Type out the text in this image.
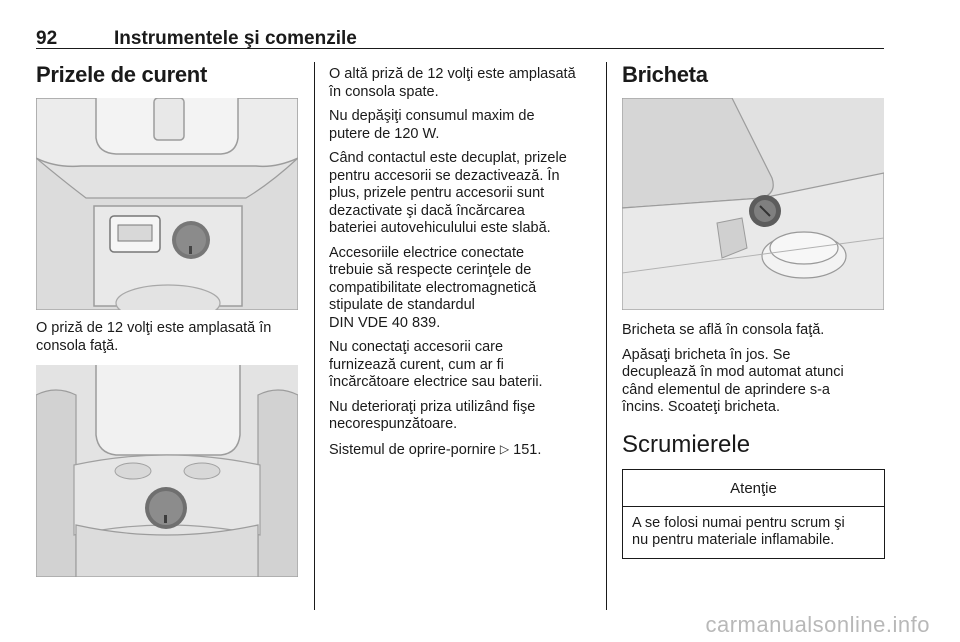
92	Instrumentele şi comenzile
Prizele de curent

O priză de 12 volţi este amplasată în
consola faţă.

O altă priză de 12 volţi este amplasată
în consola spate.

Nu depăşiţi consumul maxim de
putere de 120 W.

Când contactul este decuplat, prizele
pentru accesorii se dezactivează. În
plus, prizele pentru accesorii sunt
dezactivate şi dacă încărcarea
bateriei autovehiculului este slabă.

Accesoriile electrice conectate
trebuie să respecte cerinţele de
compatibilitate electromagnetică
stipulate de standardul
DIN VDE 40 839.

Nu conectaţi accesorii care
furnizează curent, cum ar fi
încărcătoare electrice sau baterii.

Nu deterioraţi priza utilizând fişe
necorespunzătoare.

Sistemul de oprire-pornire ▷ 151.

Bricheta

Bricheta se află în consola faţă.

Apăsaţi bricheta în jos. Se
decuplează în mod automat atunci
când elementul de aprindere s-a
încins. Scoateţi bricheta.

Scrumierele
Atenţie
A se folosi numai pentru scrum şi
nu pentru materiale inflamabile.
carmanualsonline.info
